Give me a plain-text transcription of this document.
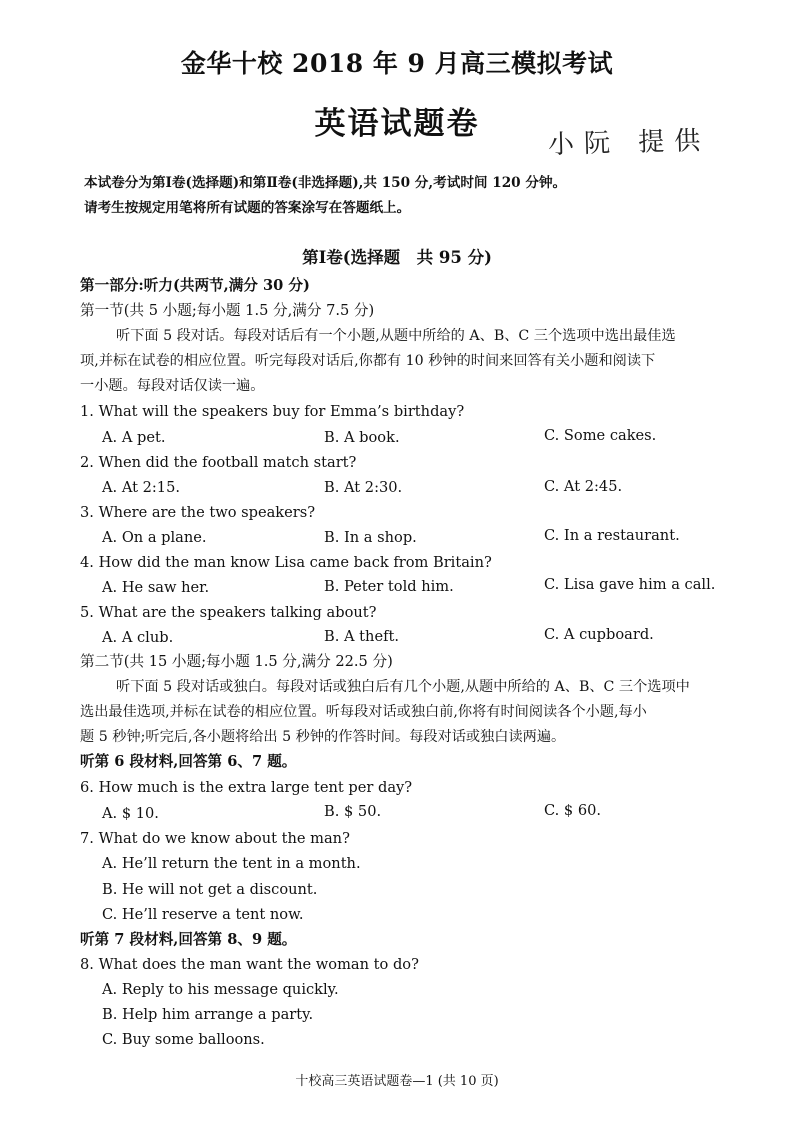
金华十校 2018 年 9 月高三模拟考试
英语试题卷
小阮 提供
本试卷分为第Ⅰ卷(选择题)和第Ⅱ卷(非选择题),共 150 分,考试时间 120 分钟。
请考生按规定用笔将所有试题的答案涂写在答题纸上。
第Ⅰ卷(选择题　共 95 分)
第一部分:听力(共两节,满分 30 分)
第一节(共 5 小题;每小题 1.5 分,满分 7.5 分)
听下面 5 段对话。每段对话后有一个小题,从题中所给的 A、B、C 三个选项中选出最佳选
项,并标在试卷的相应位置。听完每段对话后,你都有 10 秒钟的时间来回答有关小题和阅读下
一小题。每段对话仅读一遍。
1. What will the speakers buy for Emma’s birthday?
A. A pet.	B. A book.	C. Some cakes.
2. When did the football match start?
A. At 2:15.	B. At 2:30.	C. At 2:45.
3. Where are the two speakers?
A. On a plane.	B. In a shop.	C. In a restaurant.
4. How did the man know Lisa came back from Britain?
A. He saw her.	B. Peter told him.	C. Lisa gave him a call.
5. What are the speakers talking about?
A. A club.	B. A theft.	C. A cupboard.
第二节(共 15 小题;每小题 1.5 分,满分 22.5 分)
听下面 5 段对话或独白。每段对话或独白后有几个小题,从题中所给的 A、B、C 三个选项中
选出最佳选项,并标在试卷的相应位置。听每段对话或独白前,你将有时间阅读各个小题,每小
题 5 秒钟;听完后,各小题将给出 5 秒钟的作答时间。每段对话或独白读两遍。
听第 6 段材料,回答第 6、7 题。
6. How much is the extra large tent per day?
A. $ 10.	B. $ 50.	C. $ 60.
7. What do we know about the man?
A. He’ll return the tent in a month.
B. He will not get a discount.
C. He’ll reserve a tent now.
听第 7 段材料,回答第 8、9 题。
8. What does the man want the woman to do?
A. Reply to his message quickly.
B. Help him arrange a party.
C. Buy some balloons.
十校高三英语试题卷—1 (共 10 页)
